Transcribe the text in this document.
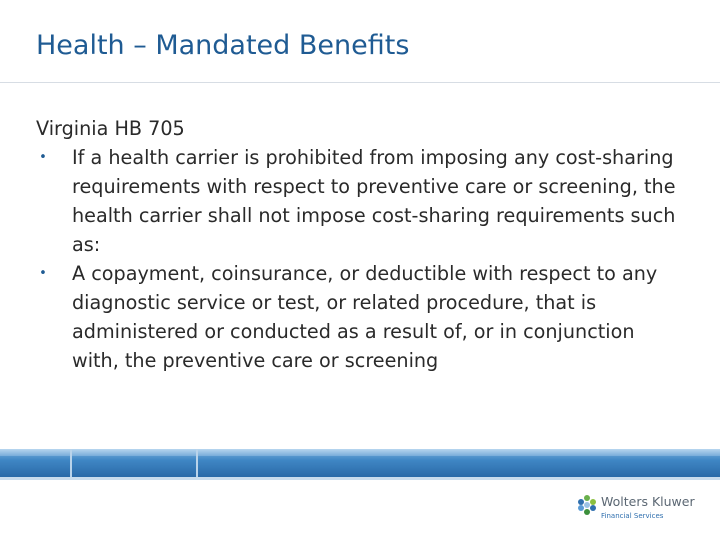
Health – Mandated Benefits
Virginia HB 705
• If a health carrier is prohibited from imposing any cost-sharing requirements with respect to preventive care or screening, the health carrier shall not impose cost-sharing requirements such as:
• A copayment, coinsurance, or deductible with respect to any diagnostic service or test, or related procedure, that is administered or conducted as a result of, or in conjunction with, the preventive care or screening
Wolters Kluwer
Financial Services
